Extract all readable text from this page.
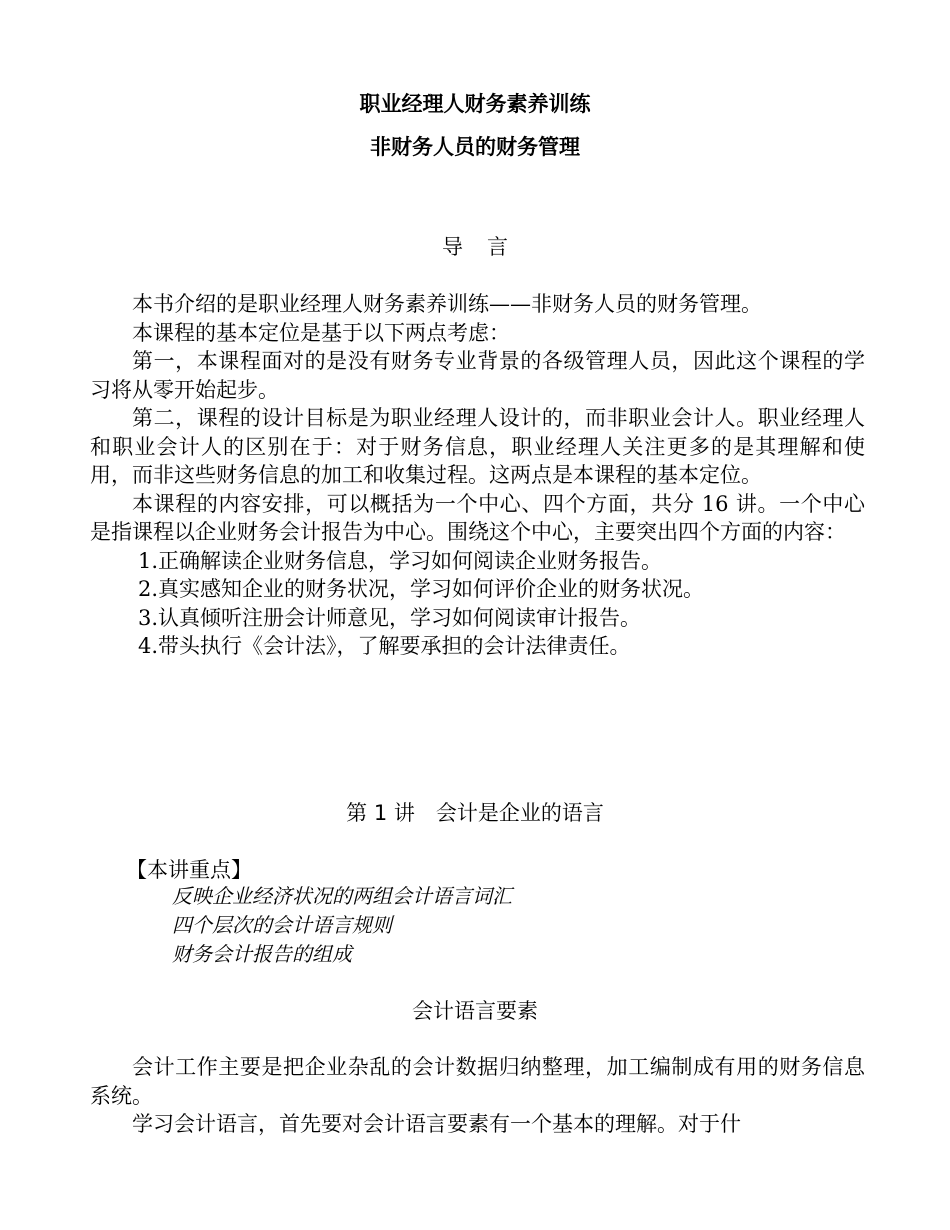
职业经理人财务素养训练
非财务人员的财务管理
导言

本书介绍的是职业经理人财务素养训练——非财务人员的财务管理。

本课程的基本定位是基于以下两点考虑：

第一，本课程面对的是没有财务专业背景的各级管理人员，因此这个课程的学习将从零开始起步。

第二，课程的设计目标是为职业经理人设计的，而非职业会计人。职业经理人和职业会计人的区别在于：对于财务信息，职业经理人关注更多的是其理解和使用，而非这些财务信息的加工和收集过程。这两点是本课程的基本定位。

本课程的内容安排，可以概括为一个中心、四个方面，共分 16 讲。一个中心是指课程以企业财务会计报告为中心。围绕这个中心，主要突出四个方面的内容：

1.正确解读企业财务信息，学习如何阅读企业财务报告。

2.真实感知企业的财务状况，学习如何评价企业的财务状况。

3.认真倾听注册会计师意见，学习如何阅读审计报告。

4.带头执行《会计法》，了解要承担的会计法律责任。

第 1 讲　会计是企业的语言
【本讲重点】
反映企业经济状况的两组会计语言词汇
四个层次的会计语言规则
财务会计报告的组成
会计语言要素

会计工作主要是把企业杂乱的会计数据归纳整理，加工编制成有用的财务信息系统。

学习会计语言，首先要对会计语言要素有一个基本的理解。对于什
